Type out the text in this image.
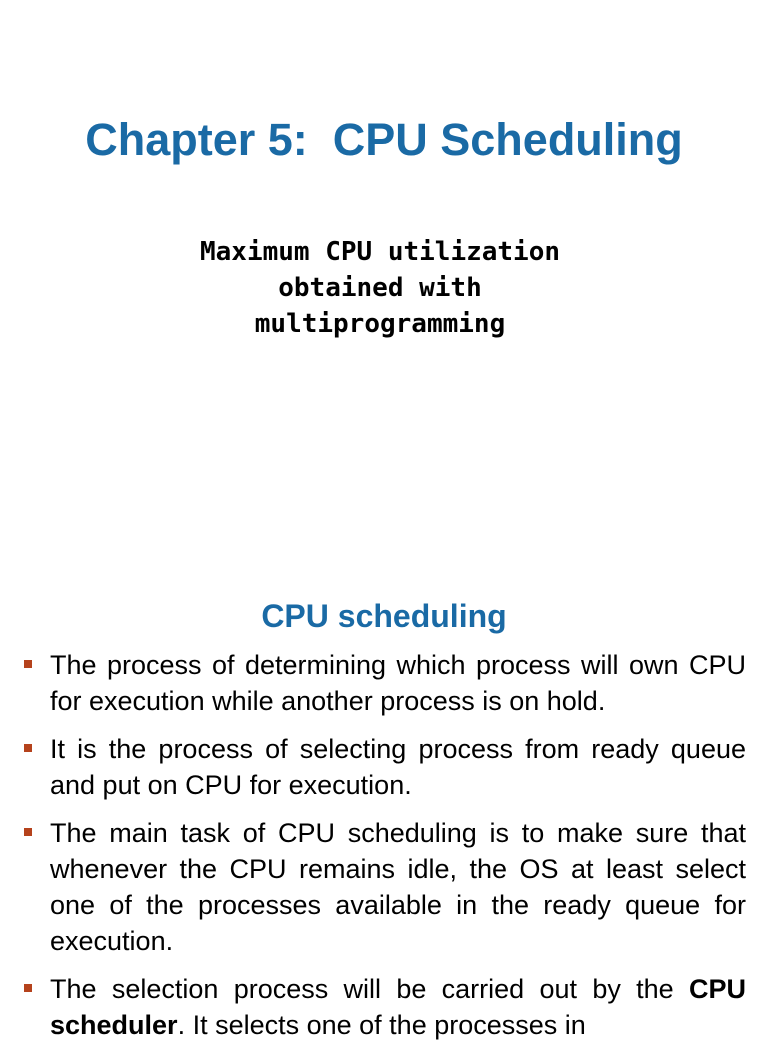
Chapter 5:  CPU Scheduling
Maximum CPU utilization
obtained with
multiprogramming
CPU scheduling
The process of determining which process will own CPU for execution while another process is on hold.
It is the process of selecting process from ready queue and put on CPU for execution.
The main task of CPU scheduling is to make sure that whenever the CPU remains idle, the OS at least select one of the processes available in the ready queue for execution.
The selection process will be carried out by the CPU scheduler. It selects one of the processes in
